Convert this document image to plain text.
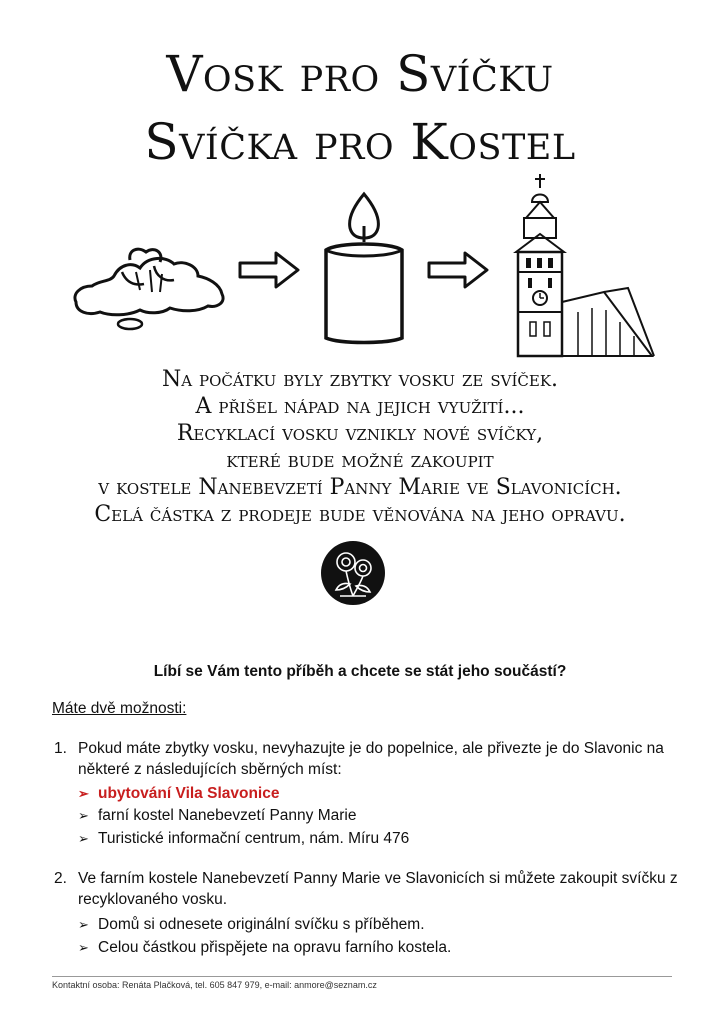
Vosk pro Svíčku
Svíčka pro Kostel
Na počátku byly zbytky vosku ze svíček.
A přišel nápad na jejich využití...
Recyklací vosku vznikly nové svíčky,
které bude možné zakoupit
v kostele Nanebevzetí Panny Marie ve Slavonicích.
Celá částka z prodeje bude věnována na jeho opravu.
Líbí se Vám tento příběh a chcete se stát jeho součástí?
Máte dvě možnosti:
1. Pokud máte zbytky vosku, nevyhazujte je do popelnice, ale přivezte je do Slavonic na některé z následujících sběrných míst:
➢ ubytování Vila Slavonice
➢ farní kostel Nanebevzetí Panny Marie
➢ Turistické informační centrum, nám. Míru 476
2. Ve farním kostele Nanebevzetí Panny Marie ve Slavonicích si můžete zakoupit svíčku z recyklovaného vosku.
➢ Domů si odnesete originální svíčku s příběhem.
➢ Celou částkou přispějete na opravu farního kostela.
Kontaktní osoba: Renáta Plačková, tel. 605 847 979, e-mail: anmore@seznam.cz
